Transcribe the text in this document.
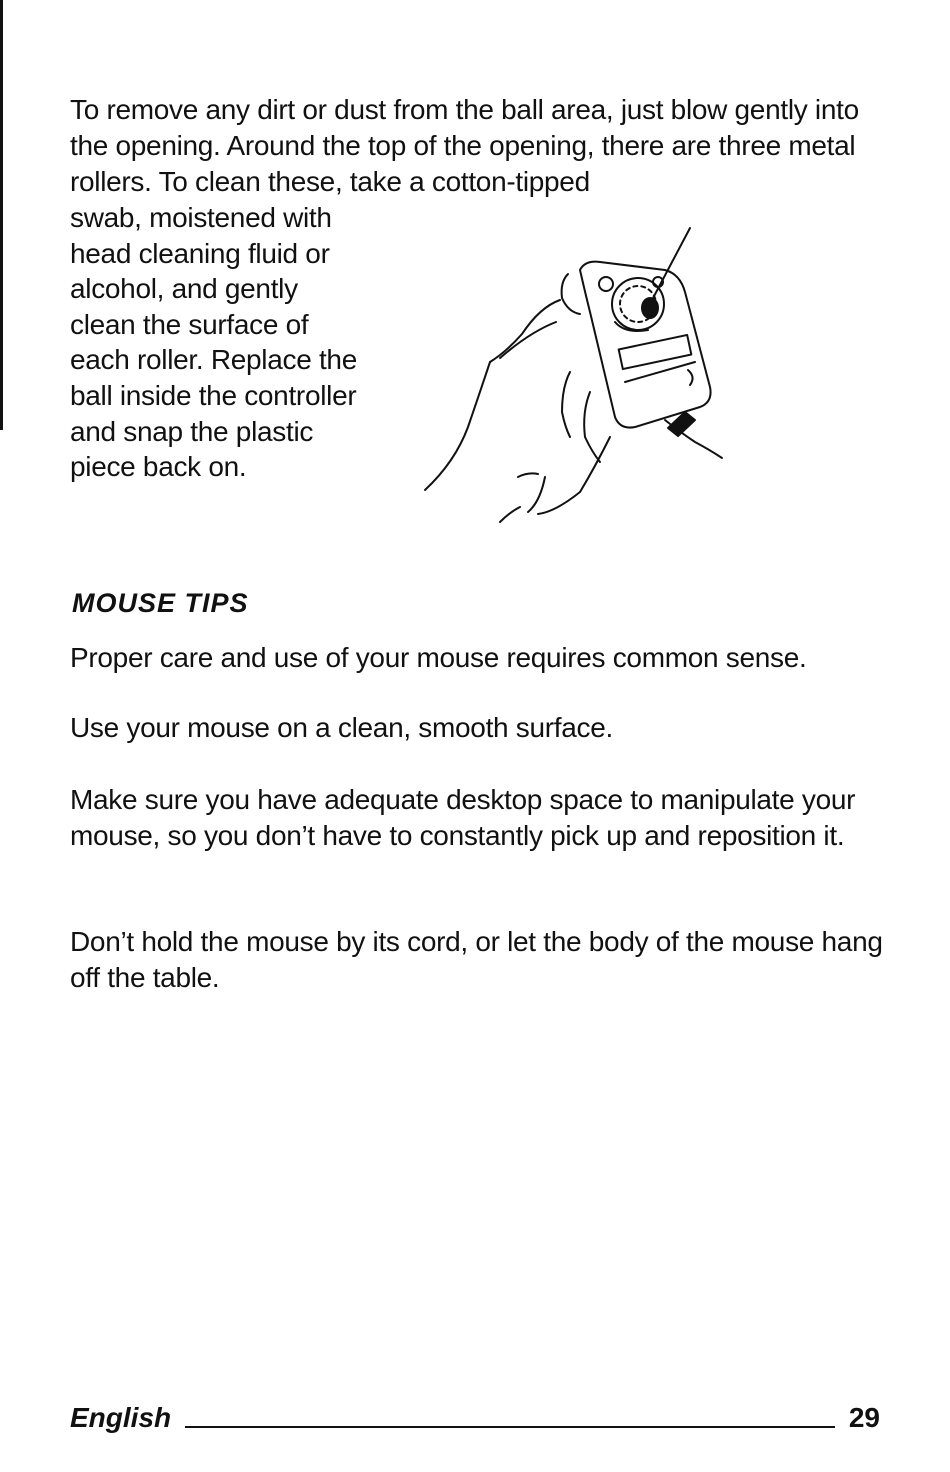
To remove any dirt or dust from the ball area, just blow gently into the opening. Around the top of the opening, there are three metal rollers. To clean these, take a cotton-tipped

swab, moistened with head cleaning fluid or alcohol, and gently clean the surface of each roller. Replace the ball inside the controller and snap the plastic piece back on.

MOUSE TIPS

Proper care and use of your mouse requires common sense.

Use your mouse on a clean, smooth surface.

Make sure you have adequate desktop space to manipulate your mouse, so you don’t have to constantly pick up and reposition it.

Don’t hold the mouse by its cord, or let the body of the mouse hang off the table.

English	29
